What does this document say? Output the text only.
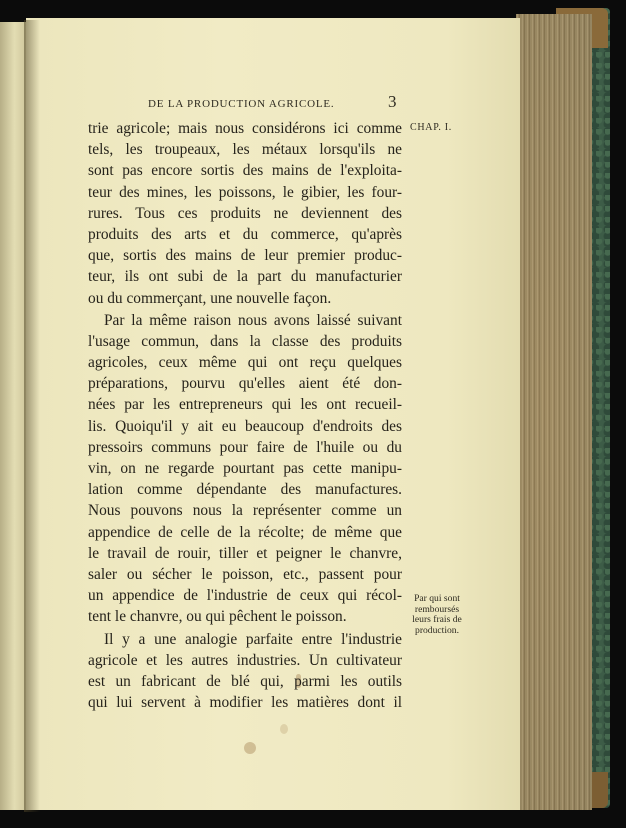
DE LA PRODUCTION AGRICOLE.	3
CHAP. I.
trie agricole; mais nous considérons ici comme
tels, les troupeaux, les métaux lorsqu'ils ne
sont pas encore sortis des mains de l'exploita-
teur des mines, les poissons, le gibier, les four-
rures. Tous ces produits ne deviennent des
produits des arts et du commerce, qu'après
que, sortis des mains de leur premier produc-
teur, ils ont subi de la part du manufacturier
ou du commerçant, une nouvelle façon.
Par la même raison nous avons laissé suivant
l'usage commun, dans la classe des produits
agricoles, ceux même qui ont reçu quelques
préparations, pourvu qu'elles aient été don-
nées par les entrepreneurs qui les ont recueil-
lis. Quoiqu'il y ait eu beaucoup d'endroits des
pressoirs communs pour faire de l'huile ou du
vin, on ne regarde pourtant pas cette manipu-
lation comme dépendante des manufactures.
Nous pouvons nous la représenter comme un
appendice de celle de la récolte; de même que
le travail de rouir, tiller et peigner le chanvre,
saler ou sécher le poisson, etc., passent pour
un appendice de l'industrie de ceux qui récol-
tent le chanvre, ou qui pêchent le poisson.
Il y a une analogie parfaite entre l'industrie
agricole et les autres industries. Un cultivateur
est un fabricant de blé qui, parmi les outils
qui lui servent à modifier les matières dont il
Par qui sont
remboursés
leurs frais de
production.
